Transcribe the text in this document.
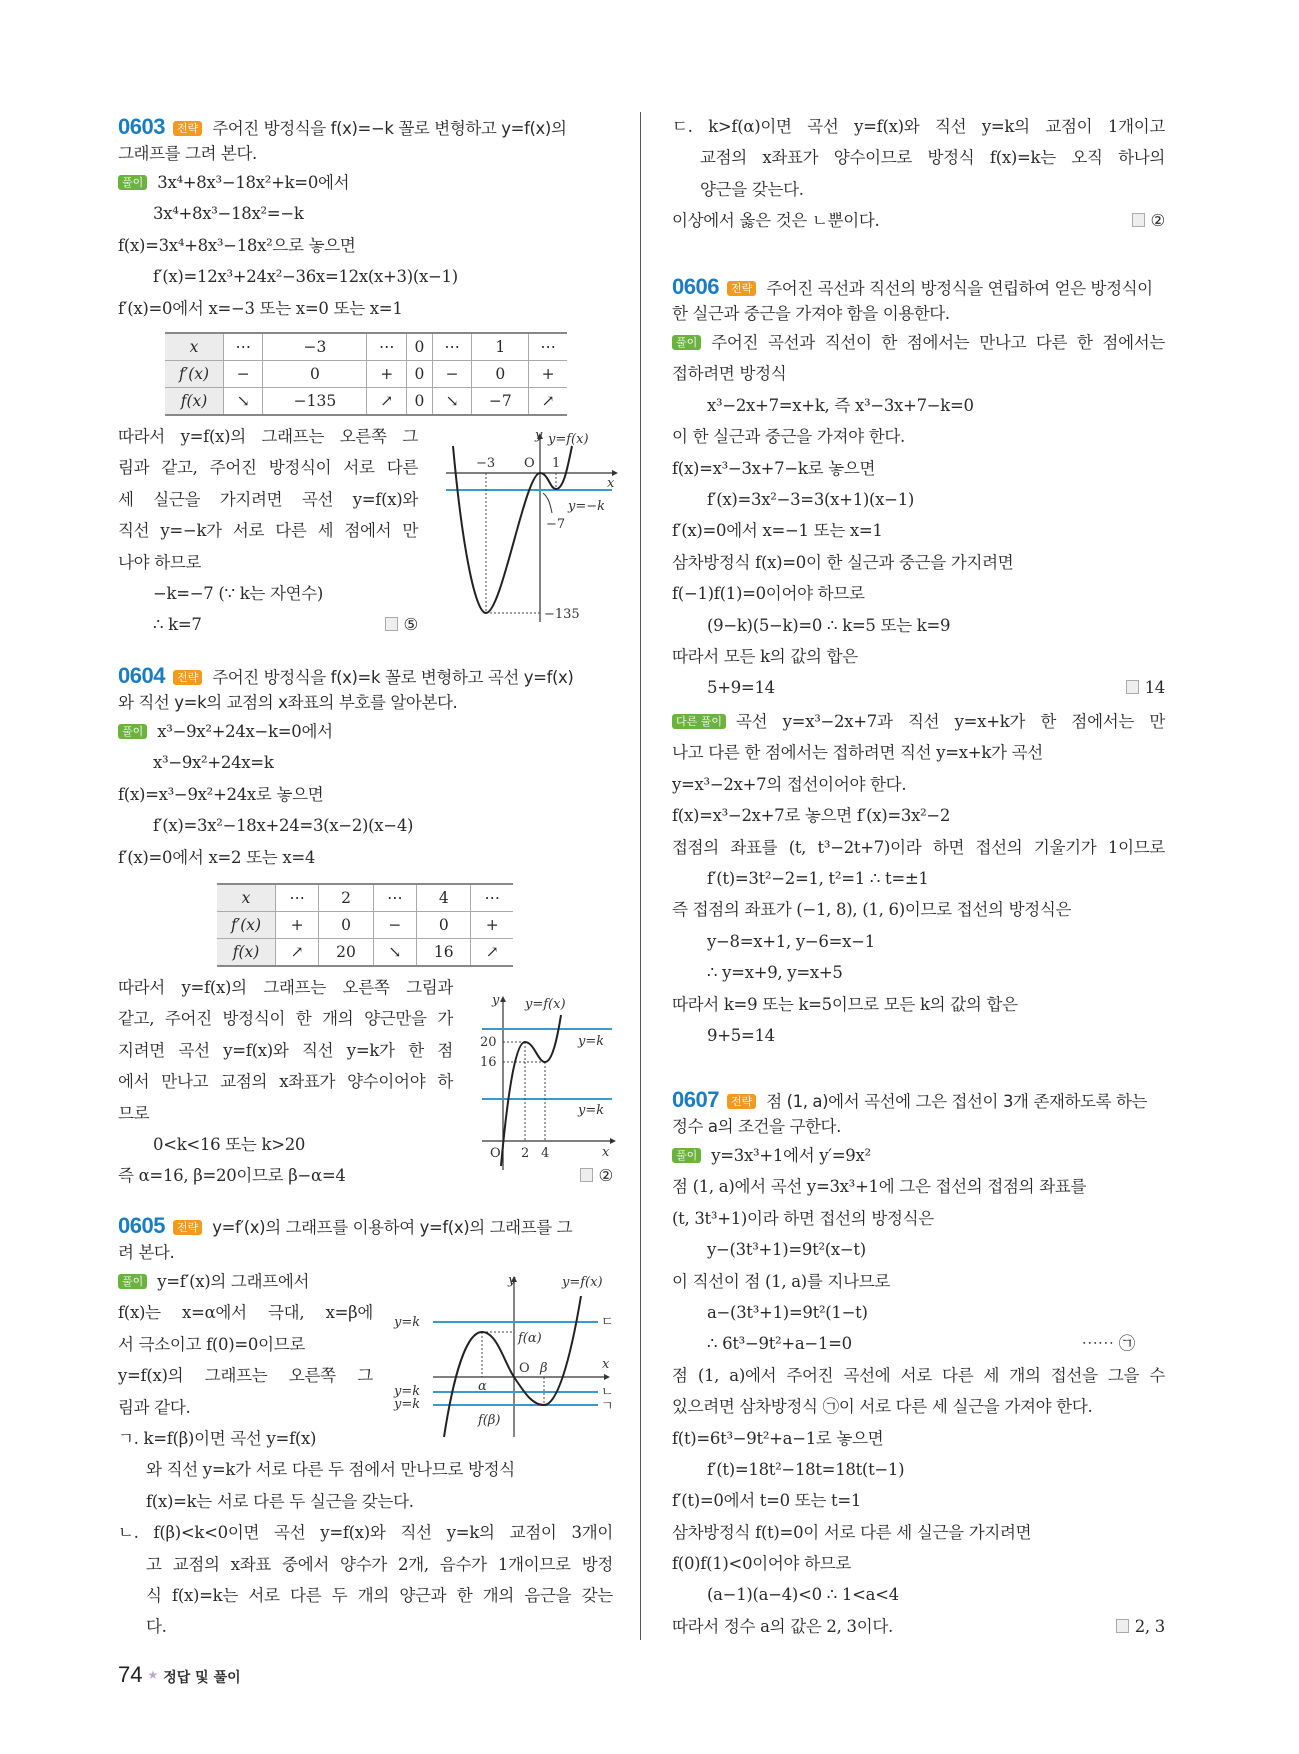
0603 전략 주어진 방정식을 f(x)=−k 꼴로 변형하고 y=f(x)의
그래프를 그려 본다.
풀이 3x⁴+8x³−18x²+k=0에서
3x⁴+8x³−18x²=−k
f(x)=3x⁴+8x³−18x²으로 놓으면
f′(x)=12x³+24x²−36x=12x(x+3)(x−1)
f′(x)=0에서 x=−3 또는 x=0 또는 x=1
x	⋯	−3	⋯	0	⋯	1	⋯
f′(x)	−	0	+	0	−	0	+
f(x)	↘	−135	↗	0	↘	−7	↗
따라서 y=f(x)의 그래프는 오른쪽 그
림과 같고, 주어진 방정식이 서로 다른
세 실근을 가지려면 곡선 y=f(x)와
직선 y=−k가 서로 다른 세 점에서 만
나야 하므로
−k=−7 (∵ k는 자연수)
∴ k=7	⑤
y y=f(x)
x
−3 O 1
y=−k
−7
−135
0604 전략 주어진 방정식을 f(x)=k 꼴로 변형하고 곡선 y=f(x)
와 직선 y=k의 교점의 x좌표의 부호를 알아본다.
풀이 x³−9x²+24x−k=0에서
x³−9x²+24x=k
f(x)=x³−9x²+24x로 놓으면
f′(x)=3x²−18x+24=3(x−2)(x−4)
f′(x)=0에서 x=2 또는 x=4
x	⋯	2	⋯	4	⋯
f′(x)	+	0	−	0	+
f(x)	↗	20	↘	16	↗
따라서 y=f(x)의 그래프는 오른쪽 그림과
같고, 주어진 방정식이 한 개의 양근만을 가
지려면 곡선 y=f(x)와 직선 y=k가 한 점
에서 만나고 교점의 x좌표가 양수이어야 하
므로
0<k<16 또는 k>20
즉 α=16, β=20이므로 β−α=4	②
y y=f(x)
x
O 2 4
20
16
y=k
y=k
0605 전략 y=f′(x)의 그래프를 이용하여 y=f(x)의 그래프를 그
려 본다.
풀이 y=f′(x)의 그래프에서
f(x)는 x=α에서 극대, x=β에
서 극소이고 f(0)=0이므로
y=f(x)의 그래프는 오른쪽 그
림과 같다.
ㄱ. k=f(β)이면 곡선 y=f(x)
와 직선 y=k가 서로 다른 두 점에서 만나므로 방정식
f(x)=k는 서로 다른 두 실근을 갖는다.
ㄴ. f(β)<k<0이면 곡선 y=f(x)와 직선 y=k의 교점이 3개이
고 교점의 x좌표 중에서 양수가 2개, 음수가 1개이므로 방정
식 f(x)=k는 서로 다른 두 개의 양근과 한 개의 음근을 갖는
다.
y	y=f(x)
x
O β
α
f(α)
f(β)
y=k
y=k
y=k
ㄷ
ㄴ
ㄱ
ㄷ. k>f(α)이면 곡선 y=f(x)와 직선 y=k의 교점이 1개이고
교점의 x좌표가 양수이므로 방정식 f(x)=k는 오직 하나의
양근을 갖는다.
이상에서 옳은 것은 ㄴ뿐이다.	②
0606 전략 주어진 곡선과 직선의 방정식을 연립하여 얻은 방정식이
한 실근과 중근을 가져야 함을 이용한다.
풀이 주어진 곡선과 직선이 한 점에서는 만나고 다른 한 점에서는
접하려면 방정식
x³−2x+7=x+k, 즉 x³−3x+7−k=0
이 한 실근과 중근을 가져야 한다.
f(x)=x³−3x+7−k로 놓으면
f′(x)=3x²−3=3(x+1)(x−1)
f′(x)=0에서 x=−1 또는 x=1
삼차방정식 f(x)=0이 한 실근과 중근을 가지려면
f(−1)f(1)=0이어야 하므로
(9−k)(5−k)=0 ∴ k=5 또는 k=9
따라서 모든 k의 값의 합은
5+9=14	14
다른 풀이 곡선 y=x³−2x+7과 직선 y=x+k가 한 점에서는 만
나고 다른 한 점에서는 접하려면 직선 y=x+k가 곡선
y=x³−2x+7의 접선이어야 한다.
f(x)=x³−2x+7로 놓으면 f′(x)=3x²−2
접점의 좌표를 (t, t³−2t+7)이라 하면 접선의 기울기가 1이므로
f′(t)=3t²−2=1, t²=1 ∴ t=±1
즉 접점의 좌표가 (−1, 8), (1, 6)이므로 접선의 방정식은
y−8=x+1, y−6=x−1
∴ y=x+9, y=x+5
따라서 k=9 또는 k=5이므로 모든 k의 값의 합은
9+5=14
0607 전략 점 (1, a)에서 곡선에 그은 접선이 3개 존재하도록 하는
정수 a의 조건을 구한다.
풀이 y=3x³+1에서 y′=9x²
점 (1, a)에서 곡선 y=3x³+1에 그은 접선의 접점의 좌표를
(t, 3t³+1)이라 하면 접선의 방정식은
y−(3t³+1)=9t²(x−t)
이 직선이 점 (1, a)를 지나므로
a−(3t³+1)=9t²(1−t)
∴ 6t³−9t²+a−1=0	⋯⋯ ㉠
점 (1, a)에서 주어진 곡선에 서로 다른 세 개의 접선을 그을 수
있으려면 삼차방정식 ㉠이 서로 다른 세 실근을 가져야 한다.
f(t)=6t³−9t²+a−1로 놓으면
f′(t)=18t²−18t=18t(t−1)
f′(t)=0에서 t=0 또는 t=1
삼차방정식 f(t)=0이 서로 다른 세 실근을 가지려면
f(0)f(1)<0이어야 하므로
(a−1)(a−4)<0 ∴ 1<a<4
따라서 정수 a의 값은 2, 3이다.	2, 3
74 ★ 정답 및 풀이
